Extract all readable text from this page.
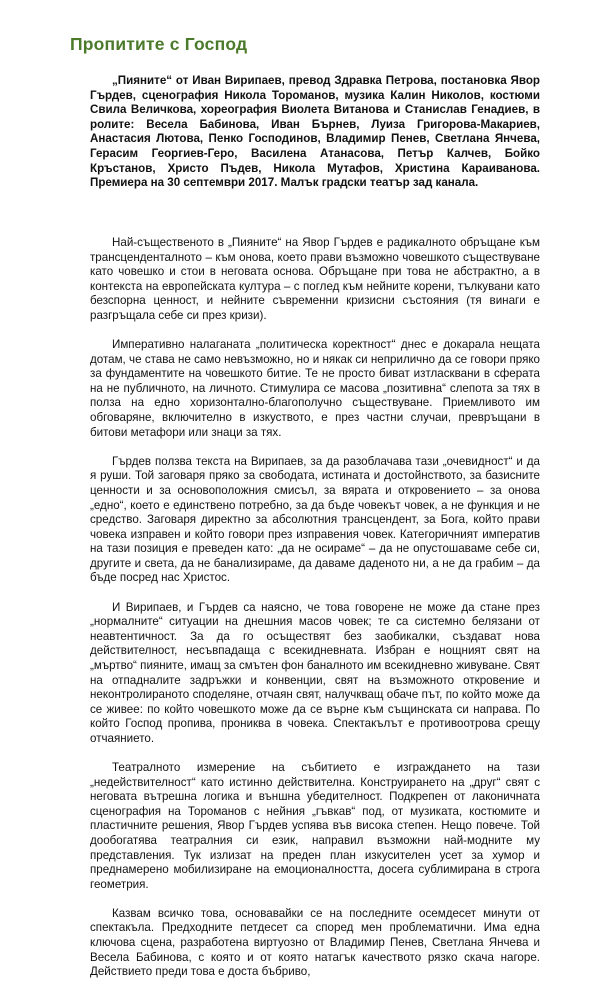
Пропитите с Господ

„Пияните“ от Иван Вирипаев, превод Здравка Петрова, постановка Явор Гърдев, сценография Никола Тороманов, музика Калин Николов, костюми Свила Величкова, хореография Виолета Витанова и Станислав Генадиев, в ролите: Весела Бабинова, Иван Бърнев, Луиза Григорова-Макариев, Анастасия Лютова, Пенко Господинов, Владимир Пенев, Светлана Янчева, Герасим Георгиев-Геро, Василена Атанасова, Петър Калчев, Бойко Кръстанов, Христо Пъдев, Никола Мутафов, Христина Караиванова. Премиера на 30 септември 2017. Малък градски театър зад канала.

Най-същественото в „Пияните“ на Явор Гърдев е радикалното обръщане към трансценденталното – към онова, което прави възможно човешкото съществуване като човешко и стои в неговата основа. Обръщане при това не абстрактно, а в контекста на европейската култура – с поглед към нейните корени, тълкувани като безспорна ценност, и нейните съвременни кризисни състояния (тя винаги е разгръщала себе си през кризи).

Императивно налаганата „политическа коректност“ днес е докарала нещата дотам, че става не само невъзможно, но и някак си неприлично да се говори пряко за фундаментите на човешкото битие. Те не просто биват изтласквани в сферата на не публичното, на личното. Стимулира се масова „позитивна“ слепота за тях в полза на едно хоризонтално-благополучно съществуване. Приемливото им обговаряне, включително в изкуството, е през частни случаи, превръщани в битови метафори или знаци за тях.

Гърдев ползва текста на Вирипаев, за да разоблачава тази „очевидност“ и да я руши. Той заговаря пряко за свободата, истината и достойнството, за базисните ценности и за основоположния смисъл, за вярата и откровението – за онова „едно“, което е единствено потребно, за да бъде човекът човек, а не функция и не средство. Заговаря директно за абсолютния трансцендент, за Бога, който прави човека изправен и който говори през изправения човек. Категоричният императив на тази позиция е преведен като: „да не осираме“ – да не опустошаваме себе си, другите и света, да не банализираме, да даваме даденото ни, а не да грабим – да бъде посред нас Христос.

И Вирипаев, и Гърдев са наясно, че това говорене не може да стане през „нормалните“ ситуации на днешния масов човек; те са системно белязани от неавтентичност. За да го осъществят без заобикалки, създават нова действителност, несъвпадаща с всекидневната. Избран е нощният свят на „мъртво“ пияните, имащ за смътен фон баналното им всекидневно живуване. Свят на отпадналите задръжки и конвенции, свят на възможното откровение и неконтролираното споделяне, отчаян свят, налучкващ обаче път, по който може да се живее: по който човешкото може да се върне към същинската си направа. По който Господ пропива, прониква в човека. Спектакълът е противоотрова срещу отчаянието.

Театралното измерение на събитието е изграждането на тази „недействителност“ като истинно действителна. Конструирането на „друг“ свят с неговата вътрешна логика и външна убедителност. Подкрепен от лаконичната сценография на Тороманов с нейния „гъвкав“ под, от музиката, костюмите и пластичните решения, Явор Гърдев успява във висока степен. Нещо повече. Той дообогатява театралния си език, направил възможни най-модните му представления. Тук излизат на преден план изкусителен усет за хумор и преднамерено мобилизиране на емоционалността, досега сублимирана в строга геометрия.

Казвам всичко това, основавайки се на последните осемдесет минути от спектакъла. Предходните петдесет са според мен проблематични. Има една ключова сцена, разработена виртуозно от Владимир Пенев, Светлана Янчева и Весела Бабинова, с която и от която натагък качеството рязко скача нагоре. Действието преди това е доста бъбриво,
